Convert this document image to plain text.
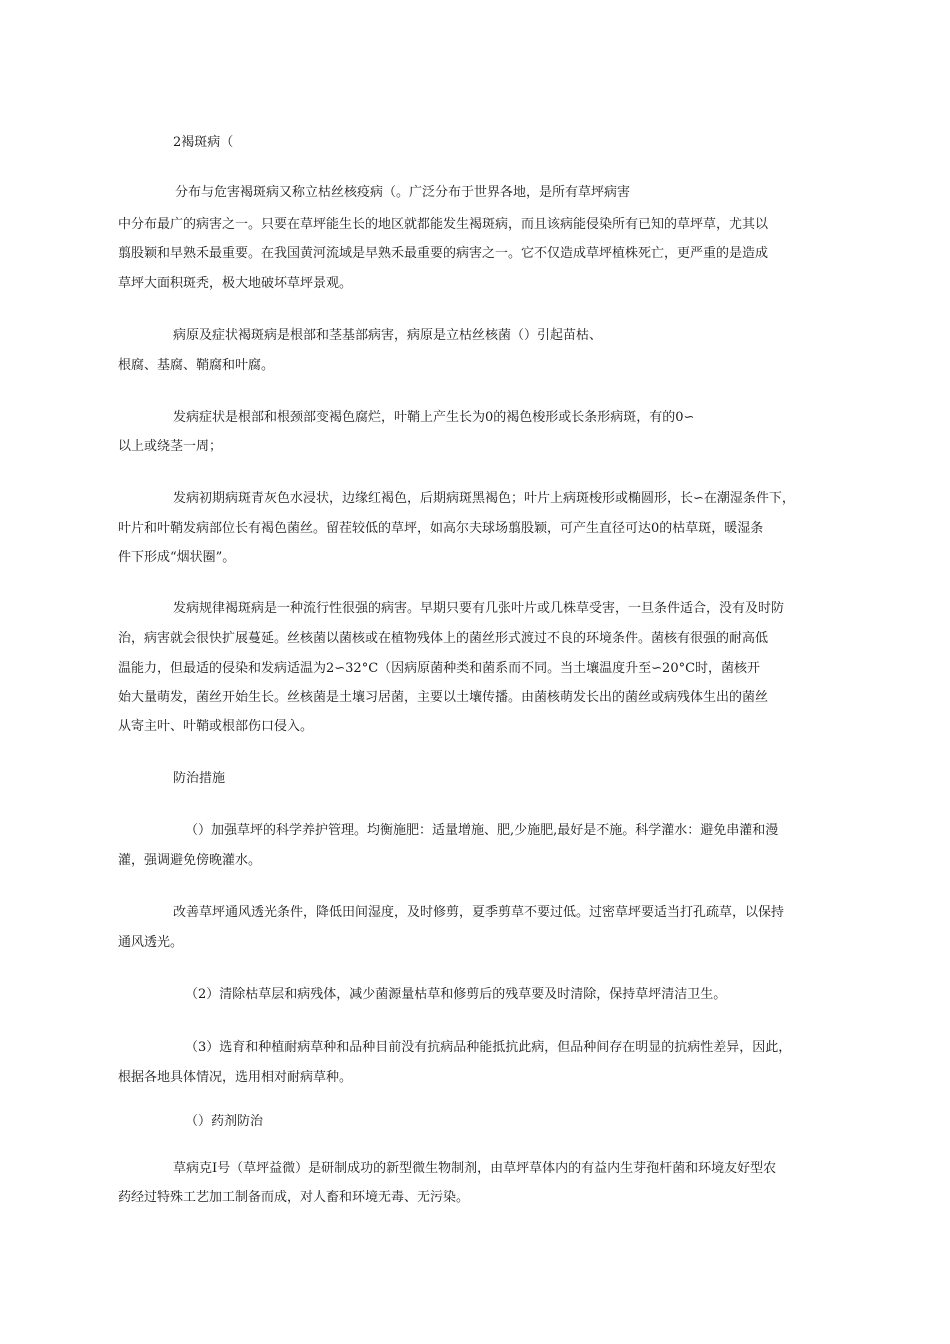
2褐斑病（
分布与危害褐斑病又称立枯丝核疫病（。广泛分布于世界各地，是所有草坪病害
中分布最广的病害之一。只要在草坪能生长的地区就都能发生褐斑病，而且该病能侵染所有已知的草坪草，尤其以
翦股颖和早熟禾最重要。在我国黄河流域是早熟禾最重要的病害之一。它不仅造成草坪植株死亡，更严重的是造成
草坪大面积斑秃，极大地破坏草坪景观。
病原及症状褐斑病是根部和茎基部病害，病原是立枯丝核菌（）引起苗枯、
根腐、基腐、鞘腐和叶腐。
发病症状是根部和根颈部变褐色腐烂，叶鞘上产生长为0的褐色梭形或长条形病斑，有的0∽
以上或绕茎一周；
发病初期病斑青灰色水浸状，边缘红褐色，后期病斑黑褐色；叶片上病斑梭形或椭圆形，长∽在潮湿条件下，
叶片和叶鞘发病部位长有褐色菌丝。留茬较低的草坪，如高尔夫球场翦股颖，可产生直径可达0的枯草斑，暖湿条
件下形成“烟状圈”。
发病规律褐斑病是一种流行性很强的病害。早期只要有几张叶片或几株草受害，一旦条件适合，没有及时防
治，病害就会很快扩展蔓延。丝核菌以菌核或在植物残体上的菌丝形式渡过不良的环境条件。菌核有很强的耐高低
温能力，但最适的侵染和发病适温为2∽32°C（因病原菌种类和菌系而不同。当土壤温度升至∽20°C时，菌核开
始大量萌发，菌丝开始生长。丝核菌是土壤习居菌，主要以土壤传播。由菌核萌发长出的菌丝或病残体生出的菌丝
从寄主叶、叶鞘或根部伤口侵入。
防治措施
（）加强草坪的科学养护管理。均衡施肥：适量增施、肥,少施肥,最好是不施。科学灌水：避免串灌和漫
灌，强调避免傍晚灌水。
改善草坪通风透光条件，降低田间湿度，及时修剪，夏季剪草不要过低。过密草坪要适当打孔疏草，以保持
通风透光。
（2）清除枯草层和病残体，减少菌源量枯草和修剪后的残草要及时清除，保持草坪清洁卫生。
（3）选育和种植耐病草种和品种目前没有抗病品种能抵抗此病，但品种间存在明显的抗病性差异，因此，
根据各地具体情况，选用相对耐病草种。
（）药剂防治
草病克Ⅰ号（草坪益微）是研制成功的新型微生物制剂，由草坪草体内的有益内生芽孢杆菌和环境友好型农
药经过特殊工艺加工制备而成，对人畜和环境无毒、无污染。
